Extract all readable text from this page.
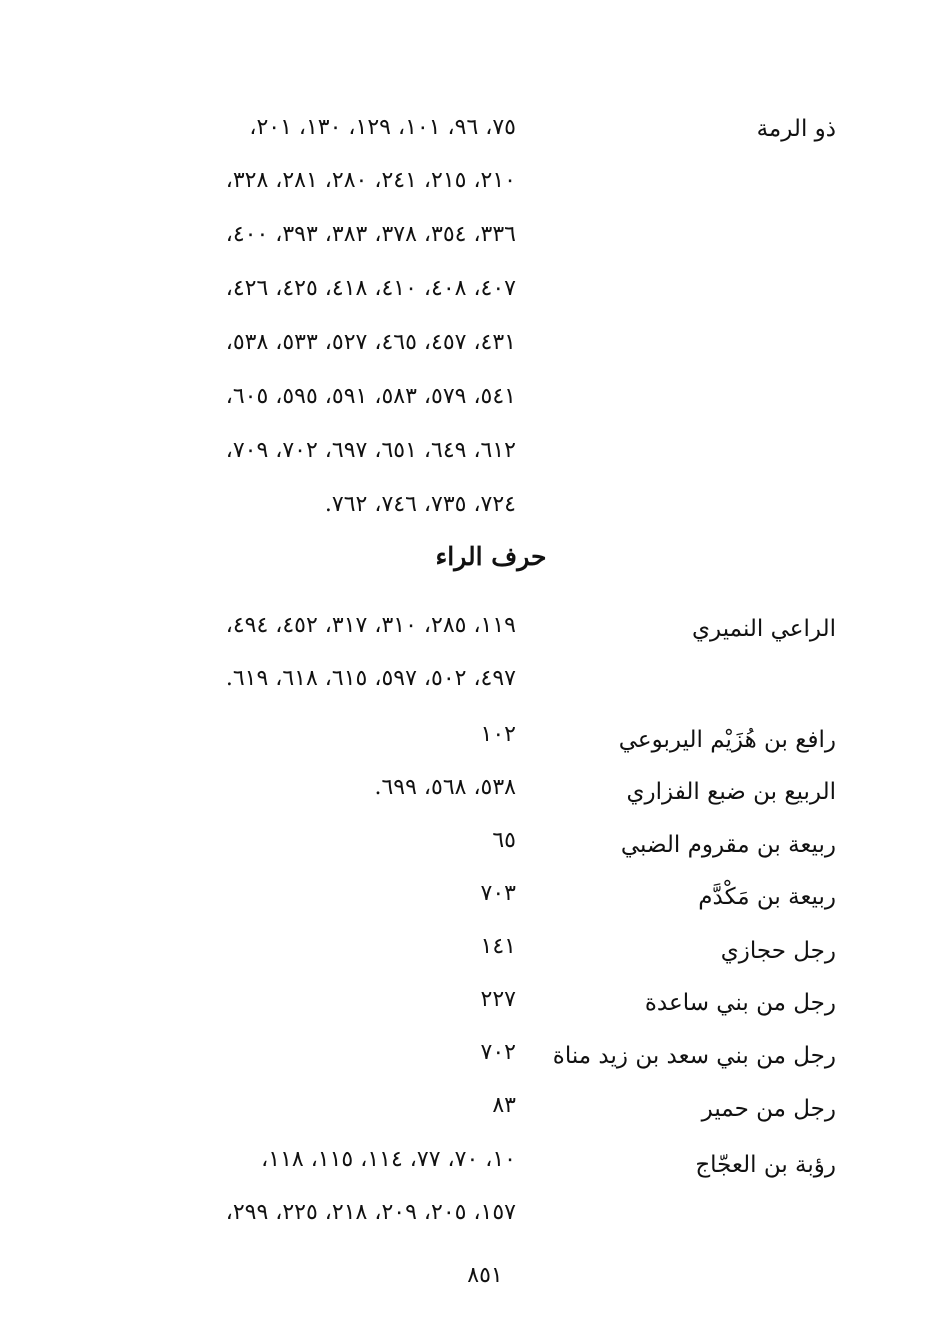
ذو الرمة
٧٥، ٩٦، ١٠١، ١٢٩، ١٣٠، ٢٠١،
٢١٠، ٢١٥، ٢٤١، ٢٨٠، ٢٨١، ٣٢٨،
٣٣٦، ٣٥٤، ٣٧٨، ٣٨٣، ٣٩٣، ٤٠٠،
٤٠٧، ٤٠٨، ٤١٠، ٤١٨، ٤٢٥، ٤٢٦،
٤٣١، ٤٥٧، ٤٦٥، ٥٢٧، ٥٣٣، ٥٣٨،
٥٤١، ٥٧٩، ٥٨٣، ٥٩١، ٥٩٥، ٦٠٥،
٦١٢، ٦٤٩، ٦٥١، ٦٩٧، ٧٠٢، ٧٠٩،
٧٢٤، ٧٣٥، ٧٤٦، ٧٦٢.
حرف الراء
الراعي النميري
١١٩، ٢٨٥، ٣١٠، ٣١٧، ٤٥٢، ٤٩٤،
٤٩٧، ٥٠٢، ٥٩٧، ٦١٥، ٦١٨، ٦١٩.
رافع بن هُزَيْم اليربوعي
١٠٢
الربيع بن ضبع الفزاري
٥٣٨، ٥٦٨، ٦٩٩.
ربيعة بن مقروم الضبي
٦٥
ربيعة بن مَكْدَّم
٧٠٣
رجل حجازي
١٤١
رجل من بني ساعدة
٢٢٧
رجل من بني سعد بن زيد مناة
٧٠٢
رجل من حمير
٨٣
رؤبة بن العجّاج
١٠، ٧٠، ٧٧، ١١٤، ١١٥، ١١٨،
١٥٧، ٢٠٥، ٢٠٩، ٢١٨، ٢٢٥، ٢٩٩،
٨٥١
